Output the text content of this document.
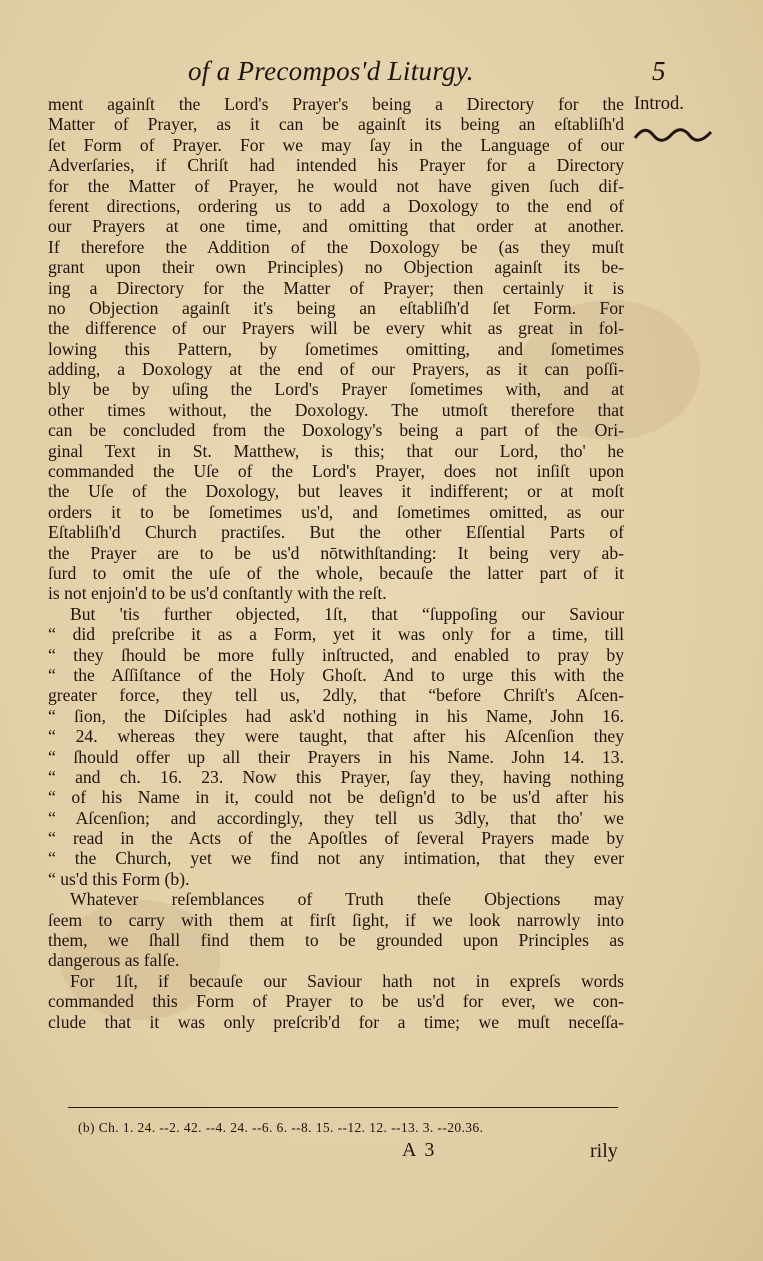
of a Precompos'd Liturgy.	5
Introd.
ment againſt the Lord's Prayer's being a Directory for the
Matter of Prayer, as it can be againſt its being an eſtabliſh'd
ſet Form of Prayer. For we may ſay in the Language of our
Adverſaries, if Chriſt had intended his Prayer for a Directory
for the Matter of Prayer, he would not have given ſuch dif-
ferent directions, ordering us to add a Doxology to the end of
our Prayers at one time, and omitting that order at another.
If therefore the Addition of the Doxology be (as they muſt
grant upon their own Principles) no Objection againſt its be-
ing a Directory for the Matter of Prayer; then certainly it is
no Objection againſt it's being an eſtabliſh'd ſet Form. For
the difference of our Prayers will be every whit as great in fol-
lowing this Pattern, by ſometimes omitting, and ſometimes
adding, a Doxology at the end of our Prayers, as it can poſſi-
bly be by uſing the Lord's Prayer ſometimes with, and at
other times without, the Doxology. The utmoſt therefore that
can be concluded from the Doxology's being a part of the Ori-
ginal Text in St. Matthew, is this; that our Lord, tho' he
commanded the Uſe of the Lord's Prayer, does not inſiſt upon
the Uſe of the Doxology, but leaves it indifferent; or at moſt
orders it to be ſometimes us'd, and ſometimes omitted, as our
Eſtabliſh'd Church practiſes. But the other Eſſential Parts of
the Prayer are to be us'd nōtwithſtanding: It being very ab-
ſurd to omit the uſe of the whole, becauſe the latter part of it
is not enjoin'd to be us'd conſtantly with the reſt.
But 'tis further objected, 1ſt, that “ſuppoſing our Saviour
“ did preſcribe it as a Form, yet it was only for a time, till
“ they ſhould be more fully inſtructed, and enabled to pray by
“ the Aſſiſtance of the Holy Ghoſt. And to urge this with the
greater force, they tell us, 2dly, that “before Chriſt's Aſcen-
“ ſion, the Diſciples had ask'd nothing in his Name, John 16.
“ 24. whereas they were taught, that after his Aſcenſion they
“ ſhould offer up all their Prayers in his Name. John 14. 13.
“ and ch. 16. 23. Now this Prayer, ſay they, having nothing
“ of his Name in it, could not be deſign'd to be us'd after his
“ Aſcenſion; and accordingly, they tell us 3dly, that tho' we
“ read in the Acts of the Apoſtles of ſeveral Prayers made by
“ the Church, yet we find not any intimation, that they ever
“ us'd this Form (b).
Whatever reſemblances of Truth theſe Objections may
ſeem to carry with them at firſt ſight, if we look narrowly into
them, we ſhall find them to be grounded upon Principles as
dangerous as falſe.
For 1ſt, if becauſe our Saviour hath not in expreſs words
commanded this Form of Prayer to be us'd for ever, we con-
clude that it was only preſcrib'd for a time; we muſt neceſſa-
(b) Ch. 1. 24. --2. 42. --4. 24. --6. 6. --8. 15. --12. 12. --13. 3. --20.36.
A 3	rily
